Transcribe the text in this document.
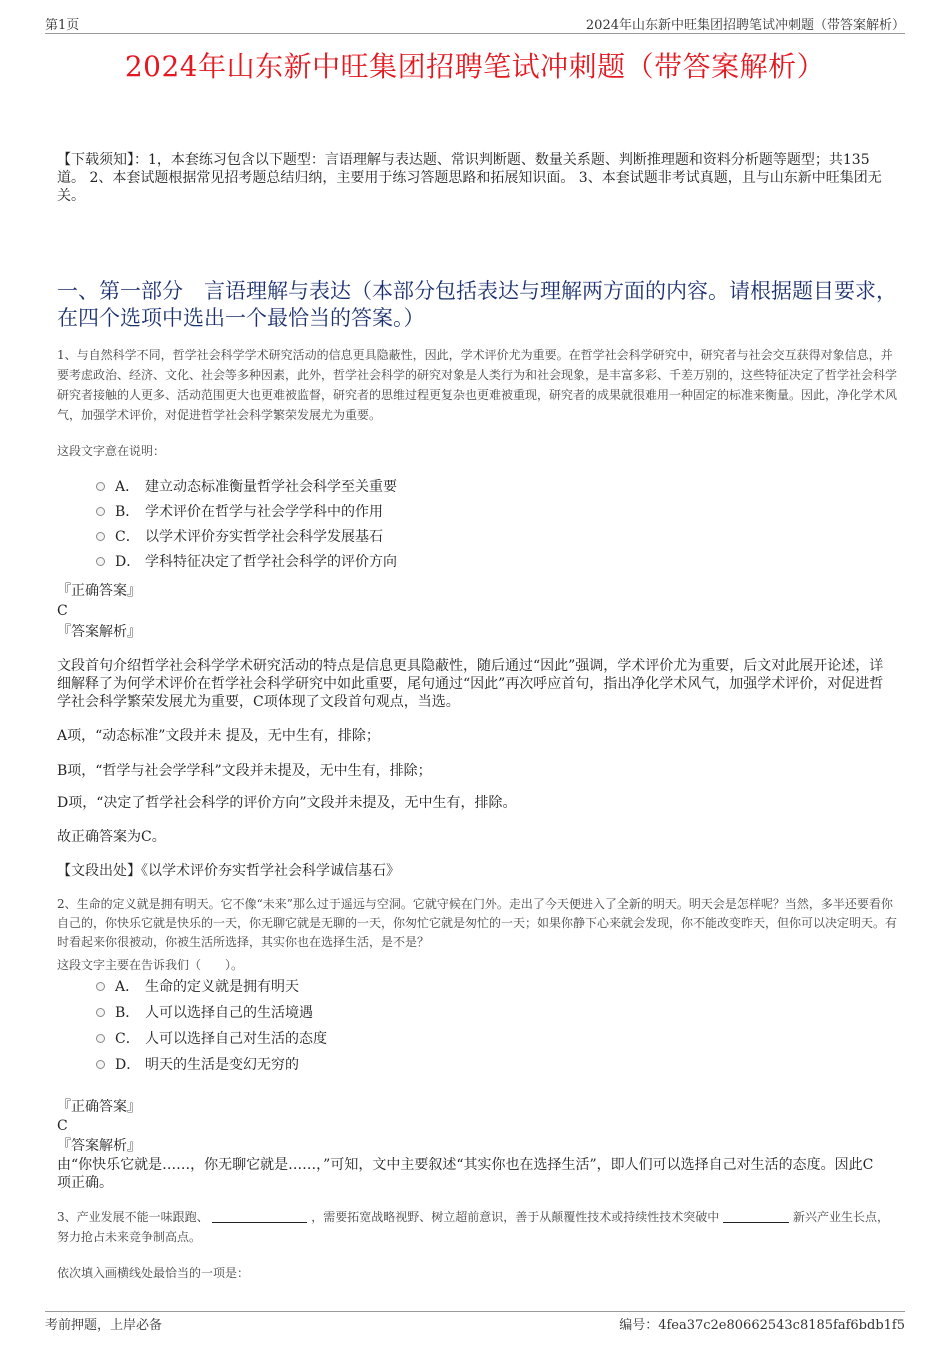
第1页	2024年山东新中旺集团招聘笔试冲刺题（带答案解析）
2024年山东新中旺集团招聘笔试冲刺题（带答案解析）
【下载须知】：1，本套练习包含以下题型：言语理解与表达题、常识判断题、数量关系题、判断推理题和资料分析题等题型；共135道。 2、本套试题根据常见招考题总结归纳，主要用于练习答题思路和拓展知识面。 3、本套试题非考试真题，且与山东新中旺集团无关。
一、第一部分　言语理解与表达（本部分包括表达与理解两方面的内容。请根据题目要求，在四个选项中选出一个最恰当的答案。）
1、与自然科学不同，哲学社会科学学术研究活动的信息更具隐蔽性，因此，学术评价尤为重要。在哲学社会科学研究中，研究者与社会交互获得对象信息，并要考虑政治、经济、文化、社会等多种因素，此外，哲学社会科学的研究对象是人类行为和社会现象，是丰富多彩、千差万别的，这些特征决定了哲学社会科学研究者接触的人更多、活动范围更大也更难被监督，研究者的思维过程更复杂也更难被重现，研究者的成果就很难用一种固定的标准来衡量。因此，净化学术风气，加强学术评价，对促进哲学社会科学繁荣发展尤为重要。
这段文字意在说明：
A． 建立动态标准衡量哲学社会科学至关重要
B． 学术评价在哲学与社会学学科中的作用
C． 以学术评价夯实哲学社会科学发展基石
D． 学科特征决定了哲学社会科学的评价方向
『正确答案』
C
『答案解析』
文段首句介绍哲学社会科学学术研究活动的特点是信息更具隐蔽性，随后通过“因此”强调，学术评价尤为重要，后文对此展开论述，详细解释了为何学术评价在哲学社会科学研究中如此重要，尾句通过“因此”再次呼应首句，指出净化学术风气，加强学术评价，对促进哲学社会科学繁荣发展尤为重要，C项体现了文段首句观点，当选。
A项，“动态标准”文段并未 提及，无中生有，排除；
B项，“哲学与社会学学科”文段并未提及，无中生有，排除；
D项，“决定了哲学社会科学的评价方向”文段并未提及，无中生有，排除。
故正确答案为C。
【文段出处】《以学术评价夯实哲学社会科学诚信基石》
2、生命的定义就是拥有明天。它不像“未来”那么过于遥远与空洞。它就守候在门外。走出了今天便进入了全新的明天。明天会是怎样呢？当然，多半还要看你自己的，你快乐它就是快乐的一天，你无聊它就是无聊的一天，你匆忙它就是匆忙的一天；如果你静下心来就会发现，你不能改变昨天，但你可以决定明天。有时看起来你很被动，你被生活所选择，其实你也在选择生活，是不是？
这段文字主要在告诉我们（　　）。
A． 生命的定义就是拥有明天
B． 人可以选择自己的生活境遇
C． 人可以选择自己对生活的态度
D． 明天的生活是变幻无穷的
『正确答案』
C
『答案解析』
由“你快乐它就是……，你无聊它就是……，”可知，文中主要叙述“其实你也在选择生活”，即人们可以选择自己对生活的态度。因此C项正确。
3、产业发展不能一味跟跑、	，需要拓宽战略视野、树立超前意识，善于从颠覆性技术或持续性技术突破中	新兴产业生长点，努力抢占未来竞争制高点。
依次填入画横线处最恰当的一项是：
考前押题，上岸必备	编号：4fea37c2e80662543c8185faf6bdb1f5
